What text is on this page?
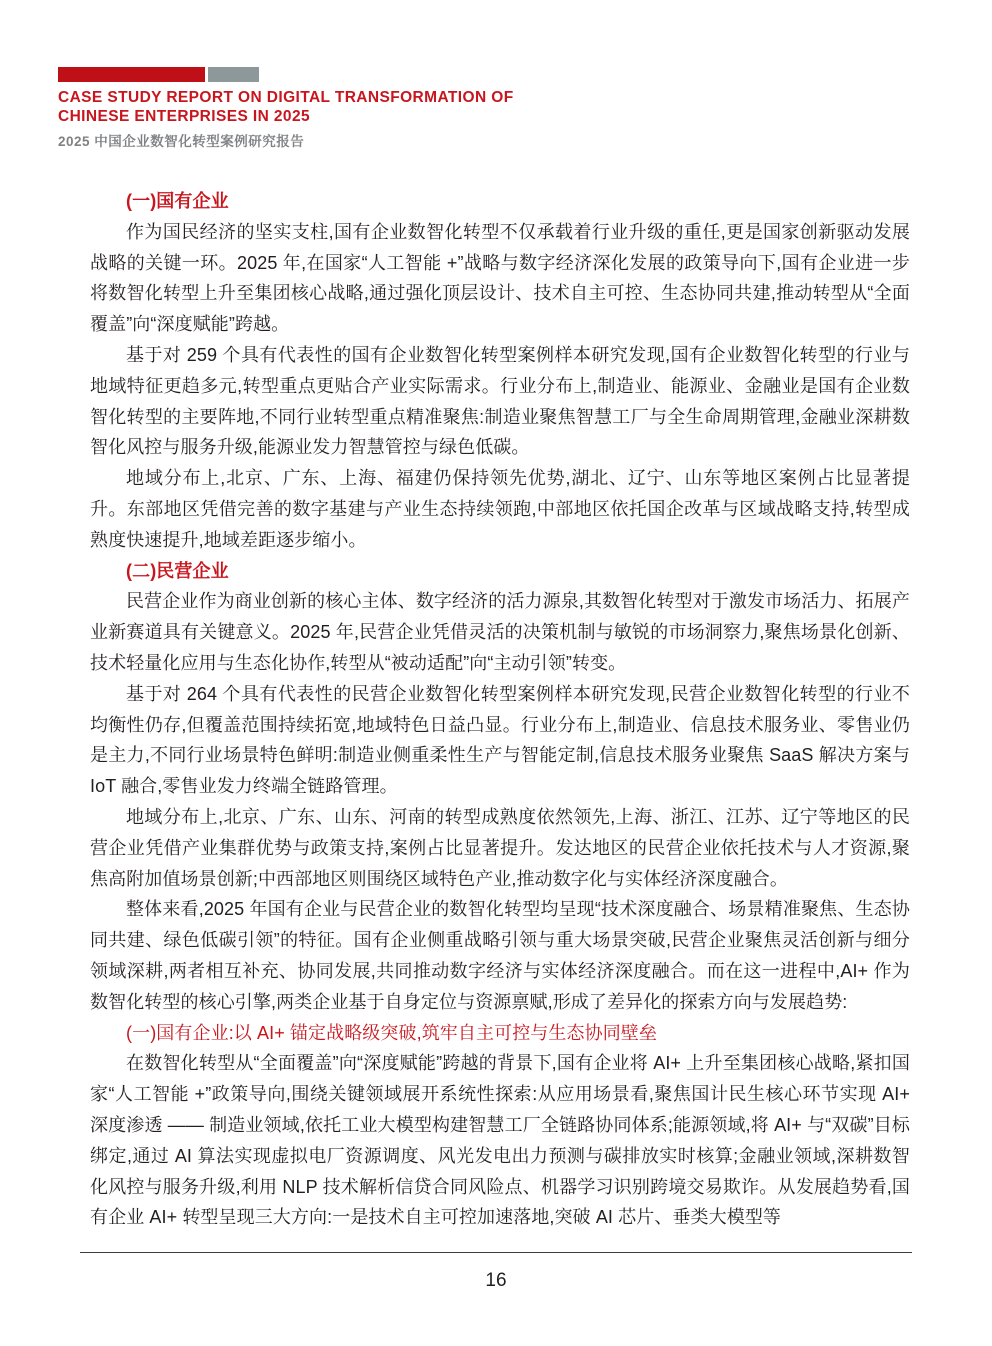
CASE STUDY REPORT ON DIGITAL TRANSFORMATION OF
CHINESE ENTERPRISES IN 2025
2025 中国企业数智化转型案例研究报告
(一)国有企业

作为国民经济的坚实支柱,国有企业数智化转型不仅承载着行业升级的重任,更是国家创新驱动发展战略的关键一环。2025 年,在国家“人工智能 +”战略与数字经济深化发展的政策导向下,国有企业进一步将数智化转型上升至集团核心战略,通过强化顶层设计、技术自主可控、生态协同共建,推动转型从“全面覆盖”向“深度赋能”跨越。

基于对 259 个具有代表性的国有企业数智化转型案例样本研究发现,国有企业数智化转型的行业与地域特征更趋多元,转型重点更贴合产业实际需求。行业分布上,制造业、能源业、金融业是国有企业数智化转型的主要阵地,不同行业转型重点精准聚焦:制造业聚焦智慧工厂与全生命周期管理,金融业深耕数智化风控与服务升级,能源业发力智慧管控与绿色低碳。

地域分布上,北京、广东、上海、福建仍保持领先优势,湖北、辽宁、山东等地区案例占比显著提升。东部地区凭借完善的数字基建与产业生态持续领跑,中部地区依托国企改革与区域战略支持,转型成熟度快速提升,地域差距逐步缩小。

(二)民营企业

民营企业作为商业创新的核心主体、数字经济的活力源泉,其数智化转型对于激发市场活力、拓展产业新赛道具有关键意义。2025 年,民营企业凭借灵活的决策机制与敏锐的市场洞察力,聚焦场景化创新、技术轻量化应用与生态化协作,转型从“被动适配”向“主动引领”转变。

基于对 264 个具有代表性的民营企业数智化转型案例样本研究发现,民营企业数智化转型的行业不均衡性仍存,但覆盖范围持续拓宽,地域特色日益凸显。行业分布上,制造业、信息技术服务业、零售业仍是主力,不同行业场景特色鲜明:制造业侧重柔性生产与智能定制,信息技术服务业聚焦 SaaS 解决方案与 IoT 融合,零售业发力终端全链路管理。

地域分布上,北京、广东、山东、河南的转型成熟度依然领先,上海、浙江、江苏、辽宁等地区的民营企业凭借产业集群优势与政策支持,案例占比显著提升。发达地区的民营企业依托技术与人才资源,聚焦高附加值场景创新;中西部地区则围绕区域特色产业,推动数字化与实体经济深度融合。

整体来看,2025 年国有企业与民营企业的数智化转型均呈现“技术深度融合、场景精准聚焦、生态协同共建、绿色低碳引领”的特征。国有企业侧重战略引领与重大场景突破,民营企业聚焦灵活创新与细分领域深耕,两者相互补充、协同发展,共同推动数字经济与实体经济深度融合。而在这一进程中,AI+ 作为数智化转型的核心引擎,两类企业基于自身定位与资源禀赋,形成了差异化的探索方向与发展趋势:

(一)国有企业:以 AI+ 锚定战略级突破,筑牢自主可控与生态协同壁垒

在数智化转型从“全面覆盖”向“深度赋能”跨越的背景下,国有企业将 AI+ 上升至集团核心战略,紧扣国家“人工智能 +”政策导向,围绕关键领域展开系统性探索:从应用场景看,聚焦国计民生核心环节实现 AI+ 深度渗透 —— 制造业领域,依托工业大模型构建智慧工厂全链路协同体系;能源领域,将 AI+ 与“双碳”目标绑定,通过 AI 算法实现虚拟电厂资源调度、风光发电出力预测与碳排放实时核算;金融业领域,深耕数智化风控与服务升级,利用 NLP 技术解析信贷合同风险点、机器学习识别跨境交易欺诈。从发展趋势看,国有企业 AI+ 转型呈现三大方向:一是技术自主可控加速落地,突破 AI 芯片、垂类大模型等

16
